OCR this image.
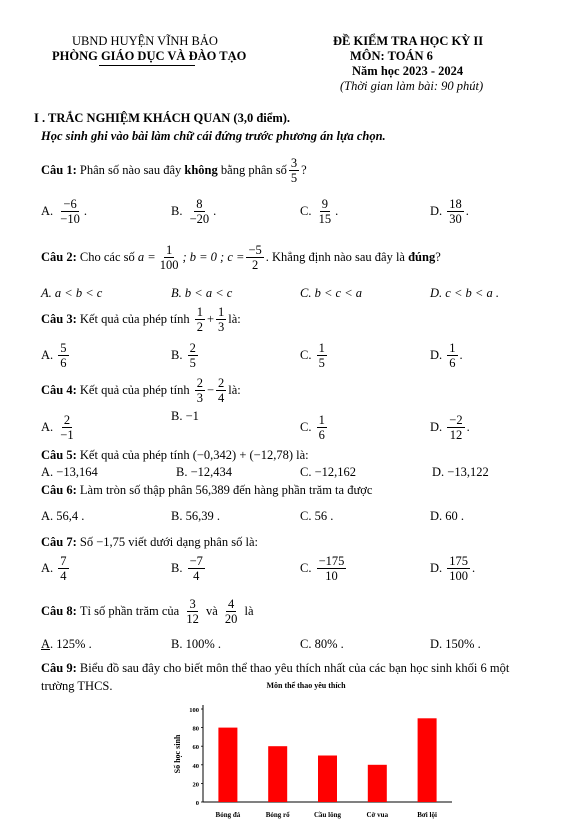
UBND HUYỆN VĨNH BẢO
PHÒNG GIÁO DỤC VÀ ĐÀO TẠO
ĐỀ KIỂM TRA HỌC KỲ II
MÔN: TOÁN 6
Năm học 2023 - 2024
(Thời gian làm bài: 90 phút)
I . TRẮC NGHIỆM KHÁCH QUAN (3,0 điểm).
Học sinh ghi vào bài làm chữ cái đứng trước phương án lựa chọn.
Câu 1:
Phân số nào sau đây
không
bằng phân số $\frac{3}{5}$ ?
A.
$\frac{-6}{-10}$ .	B.
$\frac{8}{-20}$ .	C.
$\frac{9}{15}$ .	D.
$\frac{18}{30}$ .
Câu 2:
Cho các số
$a = \frac{1}{100}$ ; b = 0 ; $c = \frac{-5}{2}$ . Khẳng định nào sau đây là
đúng ?
A. a < b < c	B. b < a < c	C. b < c < a	D. c < b < a .
Câu 3:
Kết quả của phép tính
$\frac{1}{2} + \frac{1}{3}$ là:
A.
$\frac{5}{6}$	B.
$\frac{2}{5}$	C.
$\frac{1}{5}$	D.
$\frac{1}{6}$ .
Câu 4:
Kết quả của phép tính
$\frac{2}{3} - \frac{2}{4}$ là:
A.
$\frac{2}{-1}$	B. −1
C.
$\frac{1}{6}$	D.
$\frac{-2}{12}$ .
Câu 5: Kết quả của phép tính (−0,342) + (−12,78) là:
A. −13,164	B. −12,434	C. −12,162	D. −13,122
Câu 6: Làm tròn số thập phân 56,389 đến hàng phần trăm ta được
A. 56,4 .	B. 56,39 .	C. 56 .	D. 60 .
Câu 7: Số −1,75 viết dưới dạng phân số là:
A.
$\frac{7}{4}$	B.
$\frac{-7}{4}$	C.
$\frac{-175}{10}$	D.
$\frac{175}{100}$ .
Câu 8:
Tỉ số phần trăm của
$\frac{3}{12}$
và
$\frac{4}{20}$
là
A. 125% .	B. 100% .	C. 80% .	D. 150% .
Câu 9: Biểu đồ sau đây cho biết môn thể thao yêu thích nhất của các bạn học sinh khối 6 một
trường THCS.	Môn thể thao yêu thích
Số học sinh
0
20
40
60
80
100
Bóng đá	Bóng rổ	Cầu lông	Cờ vua	Bơi lội
